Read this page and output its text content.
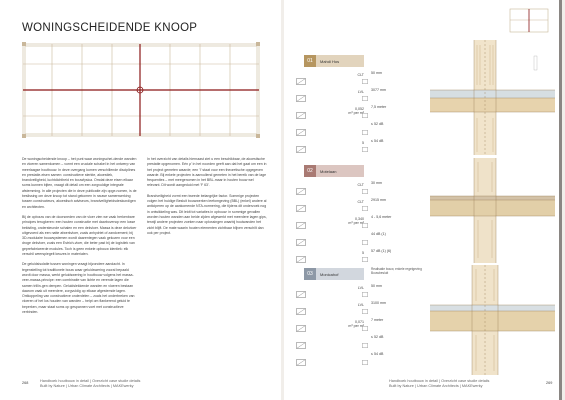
WONINGSCHEIDENDE KNOOP

De woningscheidende knoop – het punt waar woningschei-dende wanden en vloeren samenkomen – vormt een cruciale schakel in het ontwerp van meerlaagse houtbouw. In deze overgang komen verschillende disciplines en prestatie-eisen samen: constructieve sterkte, akoestiek, brandveiligheid, luchtdichtheid en bouwfysica. Omdat deze eisen elkaar soms kunnen bijten, vraagt dit detail om een zorgvuldige integrale afstemming. In alle projecten die in deze publicatie zijn opge-nomen, is de beslissing om deze knoop tot stand gekomen in nauwe samenwerking tussen constructeurs, akoestisch adviseurs, brandveiligheidsdeskundigen en architecten.

Bij de opbouw van de doorsneden van de vloer zien we vaak herkenbare principes terugkeren: een houten constructie met daarbovenop een losse bekisting, ondersteunde schalen en een dekvloer. Massa is deze dekvloer uitgevoerd als een natte afwerkvloer, zoals anhydriet of zandcement; bij 3D-modulaire bouwsystemen wordt daarentegen vaak gekozen voor een droge dekvloer, zoals een Estrich-vloer, die beter past bij de logistiek van geprefabriceerde modules. Toch is geen enkele opbouw identiek: elk verschil weerspiegelt keuzes in materialen.

De geluidsisolatie tussen woningen vraagt bijzondere aandacht. In tegenstelling tot traditionele bouw waar geluidswering vooral bepaald wordt door massa, werkt geluidswering in houtbouw volgens het massa-veer-massa-principe: een combinatie van lichte en verende lagen die samen trillin-gen dempen. Geluidslekkende wanden en vloeren bestaan daarom vaak uit meerdere, zorgvuldig op elkaar afgestemde lagen. Ontkoppeling van constructieve onderdelen – zoals het onderbreken van vloeren of het los houden van wanden – helpt om flankerend geluid te beperken, maar staat soms op gespannen voet met constructieve verbinden.

In het overzicht van details hiernaast ziet u een beschikbaar, de akoestische prestatie opgenomen. Eén ρ' in het noorden geeft aan dat het gaat om een in het project gemeten waarde; een 'I' staat voor een theoretische opgegeven waarde. Bij enkele projecten is aanvullend gemeten in het bereik van de lage frequenties – met meegenomen in het BBL-maar in houten bouw wel relevant. Dit wordt aangeduid met 'F 63'.

Brandveiligheid vormt een tweede belangrijke factor. Sommige projecten volgen het huidige Besluit bouwwerken leefomgeving (BBL) (enkel) andere al anticiperen op de aankomende NTA-normering, die tijdens dit onderzoek nog in ontwikkeling was. Dit leidt tot variaties in opbouw: in sommige gevallen worden houten wanden aan beide zijden afgewerkt met meerdere lagen gips, terwijl andere projecten zoeken naar oplossingen waarbij houtwanden het zicht blijft. De mate waarin houten elementen zichtbaar blijven verschilt dan ook per project.

268	Handboek houtbouw in detail | Overzicht case studie details
Built by Nature | Urban Climate Architects | MAKEwerky
01	Mahdi Hos
02	Motelaan
03	Monicahof
CLT
LVL
0,052
m³ per m²
5
50 mm
3077 mm
7,5 meter
≤ 52 dB
≤ 54 dB
CLT
CLT
0,340
m³ per m²
5
30 mm
2915 mm
4 - 5,6 meter
44 dB (1)
57 dB (1) (6)
Realisatie bouw, enkele regelgeving Bouwbesluit
LVL
LVL
0,071
m³ per m²
50 mm
3100 mm
7 meter
≤ 52 dB
≤ 54 dB
Handboek houtbouw in detail | Overzicht case studie details
Built by Nature | Urban Climate Architects | MAKEwerky
269
